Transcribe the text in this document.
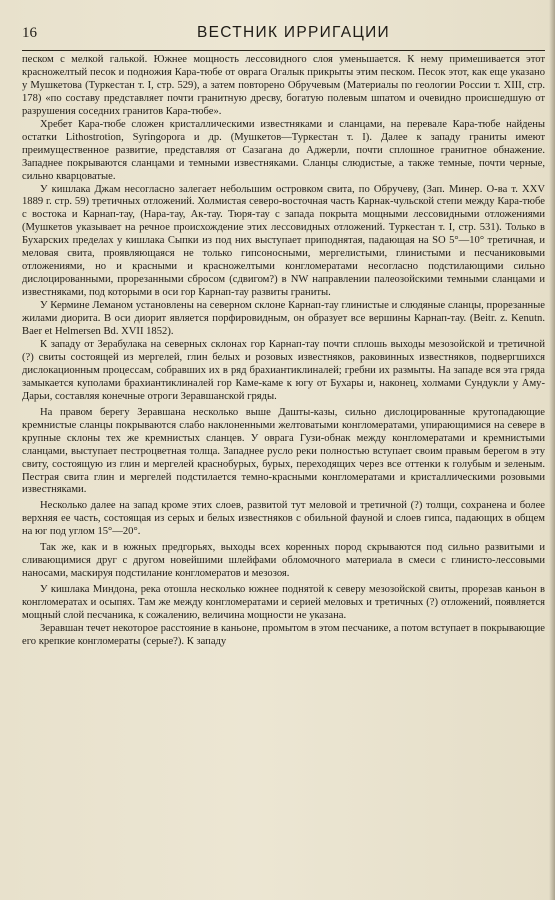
16	ВЕСТНИК ИРРИГАЦИИ

песком с мелкой галькой. Южнее мощность лессовидного слоя уменьшается. К нему примешивается этот красножелтый песок и подножия Кара-тюбе от оврага Огалык прикрыты этим песком. Песок этот, как еще указано у Мушкетова (Туркестан т. I, стр. 529), а затем повторено Обручевым (Материалы по геологии России т. XIII, стр. 178) «по составу представляет почти гранитную дресву, богатую полевым шпатом и очевидно происшедшую от разрушения соседних гранитов Кара-тюбе».

Хребет Кара-тюбе сложен кристаллическими известняками и сланцами, на перевале Кара-тюбе найдены остатки Lithostrotion, Syringopora и др. (Мушкетов—Туркестан т. I). Далее к западу граниты имеют преимущественное развитие, представляя от Сазагана до Аджерли, почти сплошное гранитное обнажение. Западнее покрываются сланцами и темными известняками. Сланцы слюдистые, а также темные, почти черные, сильно кварцоватые.

У кишлака Джам несогласно залегает небольшим островком свита, по Обручеву, (Зап. Минер. О-ва т. XXV 1889 г. стр. 59) третичных отложений. Холмистая северо-восточная часть Карнак-чульской степи между Кара-тюбе с востока и Карнап-тау, (Нара-тау, Ак-тау. Тюря-тау с запада покрыта мощными лессовидными отложениями (Мушкетов указывает на речное происхождение этих лессовидных отложений. Туркестан т. I, стр. 531). Только в Бухарских пределах у кишлака Сыпки из под них выступает приподнятая, падающая на SO 5°—10° третичная, и меловая свита, проявляющаяся не только гипсоносными, мергелистыми, глинистыми и песчаниковыми отложениями, но и красными и красножелтыми конгломератами несогласно подстилающими сильно дислоцированными, прорезанными сбросом (сдвигом?) в NW направлении палеозойскими темными сланцами и известняками, под которыми в оси гор Карнап-тау развиты граниты.

У Кермине Леманом установлены на северном склоне Карнап-тау глинистые и слюдяные сланцы, прорезанные жилами диорита. В оси диорит является порфировидным, он образует все вершины Карнап-тау. (Beitr. z. Kenutn. Baer et Helmersen Bd. XVII 1852).

К западу от Зерабулака на северных склонах гор Карнап-тау почти сплошь выходы мезозойской и третичной (?) свиты состоящей из мергелей, глин белых и розовых известняков, раковинных известняков, подвергшихся дислокационным процессам, собравших их в ряд брахиантиклиналей; гребни их размыты. На западе вся эта гряда замыкается куполами брахиантиклиналей гор Каме-каме к югу от Бухары и, наконец, холмами Сундукли у Аму-Дарьи, составляя конечные отроги Зеравшанской гряды.

На правом берегу Зеравшана несколько выше Дашты-казы, сильно дислоцированные крутопадающие кремнистые сланцы покрываются слабо наклоненными желтоватыми конгломератами, упирающимися на севере в крупные склоны тех же кремнистых сланцев. У оврага Гузи-обнак между конгломератами и кремнистыми сланцами, выступает пестроцветная толща. Западнее русло реки полностью вступает своим правым берегом в эту свиту, состоящую из глин и мергелей краснобурых, бурых, переходящих через все оттенки к голубым и зеленым. Пестрая свита глин и мергелей подстилается темно-красными конгломератами и кристаллическими розовыми известняками.

Несколько далее на запад кроме этих слоев, развитой тут меловой и третичной (?) толщи, сохранена и более верхняя ее часть, состоящая из серых и белых известняков с обильной фауной и слоев гипса, падающих в общем на юг под углом 15°—20°.

Так же, как и в южных предгорьях, выходы всех коренных пород скрываются под сильно развитыми и сливающимися друг с другом новейшими шлейфами обломочного материала в смеси с глинисто-лессовыми наносами, маскируя подстилание конгломератов и мезозоя.

У кишлака Миндона, река отошла несколько южнее поднятой к северу мезозойской свиты, прорезав каньон в конгломератах и осыпях. Там же между конгломератами и серией меловых и третичных (?) отложений, появляется мощный слой песчаника, к сожалению, величина мощности не указана.

Зеравшан течет некоторое расстояние в каньоне, промытом в этом песчанике, а потом вступает в покрывающие его крепкие конгломераты (серые?). К западу
